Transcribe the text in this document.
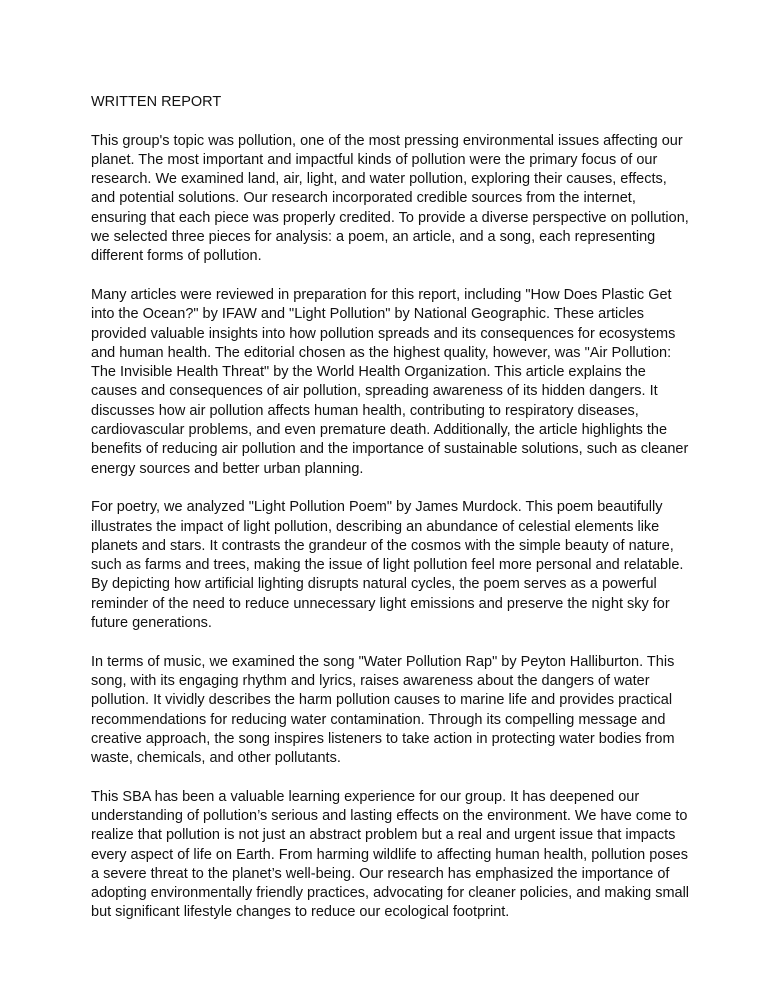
WRITTEN REPORT

This group's topic was pollution, one of the most pressing environmental issues affecting our planet. The most important and impactful kinds of pollution were the primary focus of our research. We examined land, air, light, and water pollution, exploring their causes, effects, and potential solutions. Our research incorporated credible sources from the internet, ensuring that each piece was properly credited. To provide a diverse perspective on pollution, we selected three pieces for analysis: a poem, an article, and a song, each representing different forms of pollution.

Many articles were reviewed in preparation for this report, including "How Does Plastic Get into the Ocean?" by IFAW and "Light Pollution" by National Geographic. These articles provided valuable insights into how pollution spreads and its consequences for ecosystems and human health. The editorial chosen as the highest quality, however, was "Air Pollution: The Invisible Health Threat" by the World Health Organization. This article explains the causes and consequences of air pollution, spreading awareness of its hidden dangers. It discusses how air pollution affects human health, contributing to respiratory diseases, cardiovascular problems, and even premature death. Additionally, the article highlights the benefits of reducing air pollution and the importance of sustainable solutions, such as cleaner energy sources and better urban planning.

For poetry, we analyzed "Light Pollution Poem" by James Murdock. This poem beautifully illustrates the impact of light pollution, describing an abundance of celestial elements like planets and stars. It contrasts the grandeur of the cosmos with the simple beauty of nature, such as farms and trees, making the issue of light pollution feel more personal and relatable. By depicting how artificial lighting disrupts natural cycles, the poem serves as a powerful reminder of the need to reduce unnecessary light emissions and preserve the night sky for future generations.

In terms of music, we examined the song "Water Pollution Rap" by Peyton Halliburton. This song, with its engaging rhythm and lyrics, raises awareness about the dangers of water pollution. It vividly describes the harm pollution causes to marine life and provides practical recommendations for reducing water contamination. Through its compelling message and creative approach, the song inspires listeners to take action in protecting water bodies from waste, chemicals, and other pollutants.

This SBA has been a valuable learning experience for our group. It has deepened our understanding of pollution’s serious and lasting effects on the environment. We have come to realize that pollution is not just an abstract problem but a real and urgent issue that impacts every aspect of life on Earth. From harming wildlife to affecting human health, pollution poses a severe threat to the planet’s well-being. Our research has emphasized the importance of adopting environmentally friendly practices, advocating for cleaner policies, and making small but significant lifestyle changes to reduce our ecological footprint.
